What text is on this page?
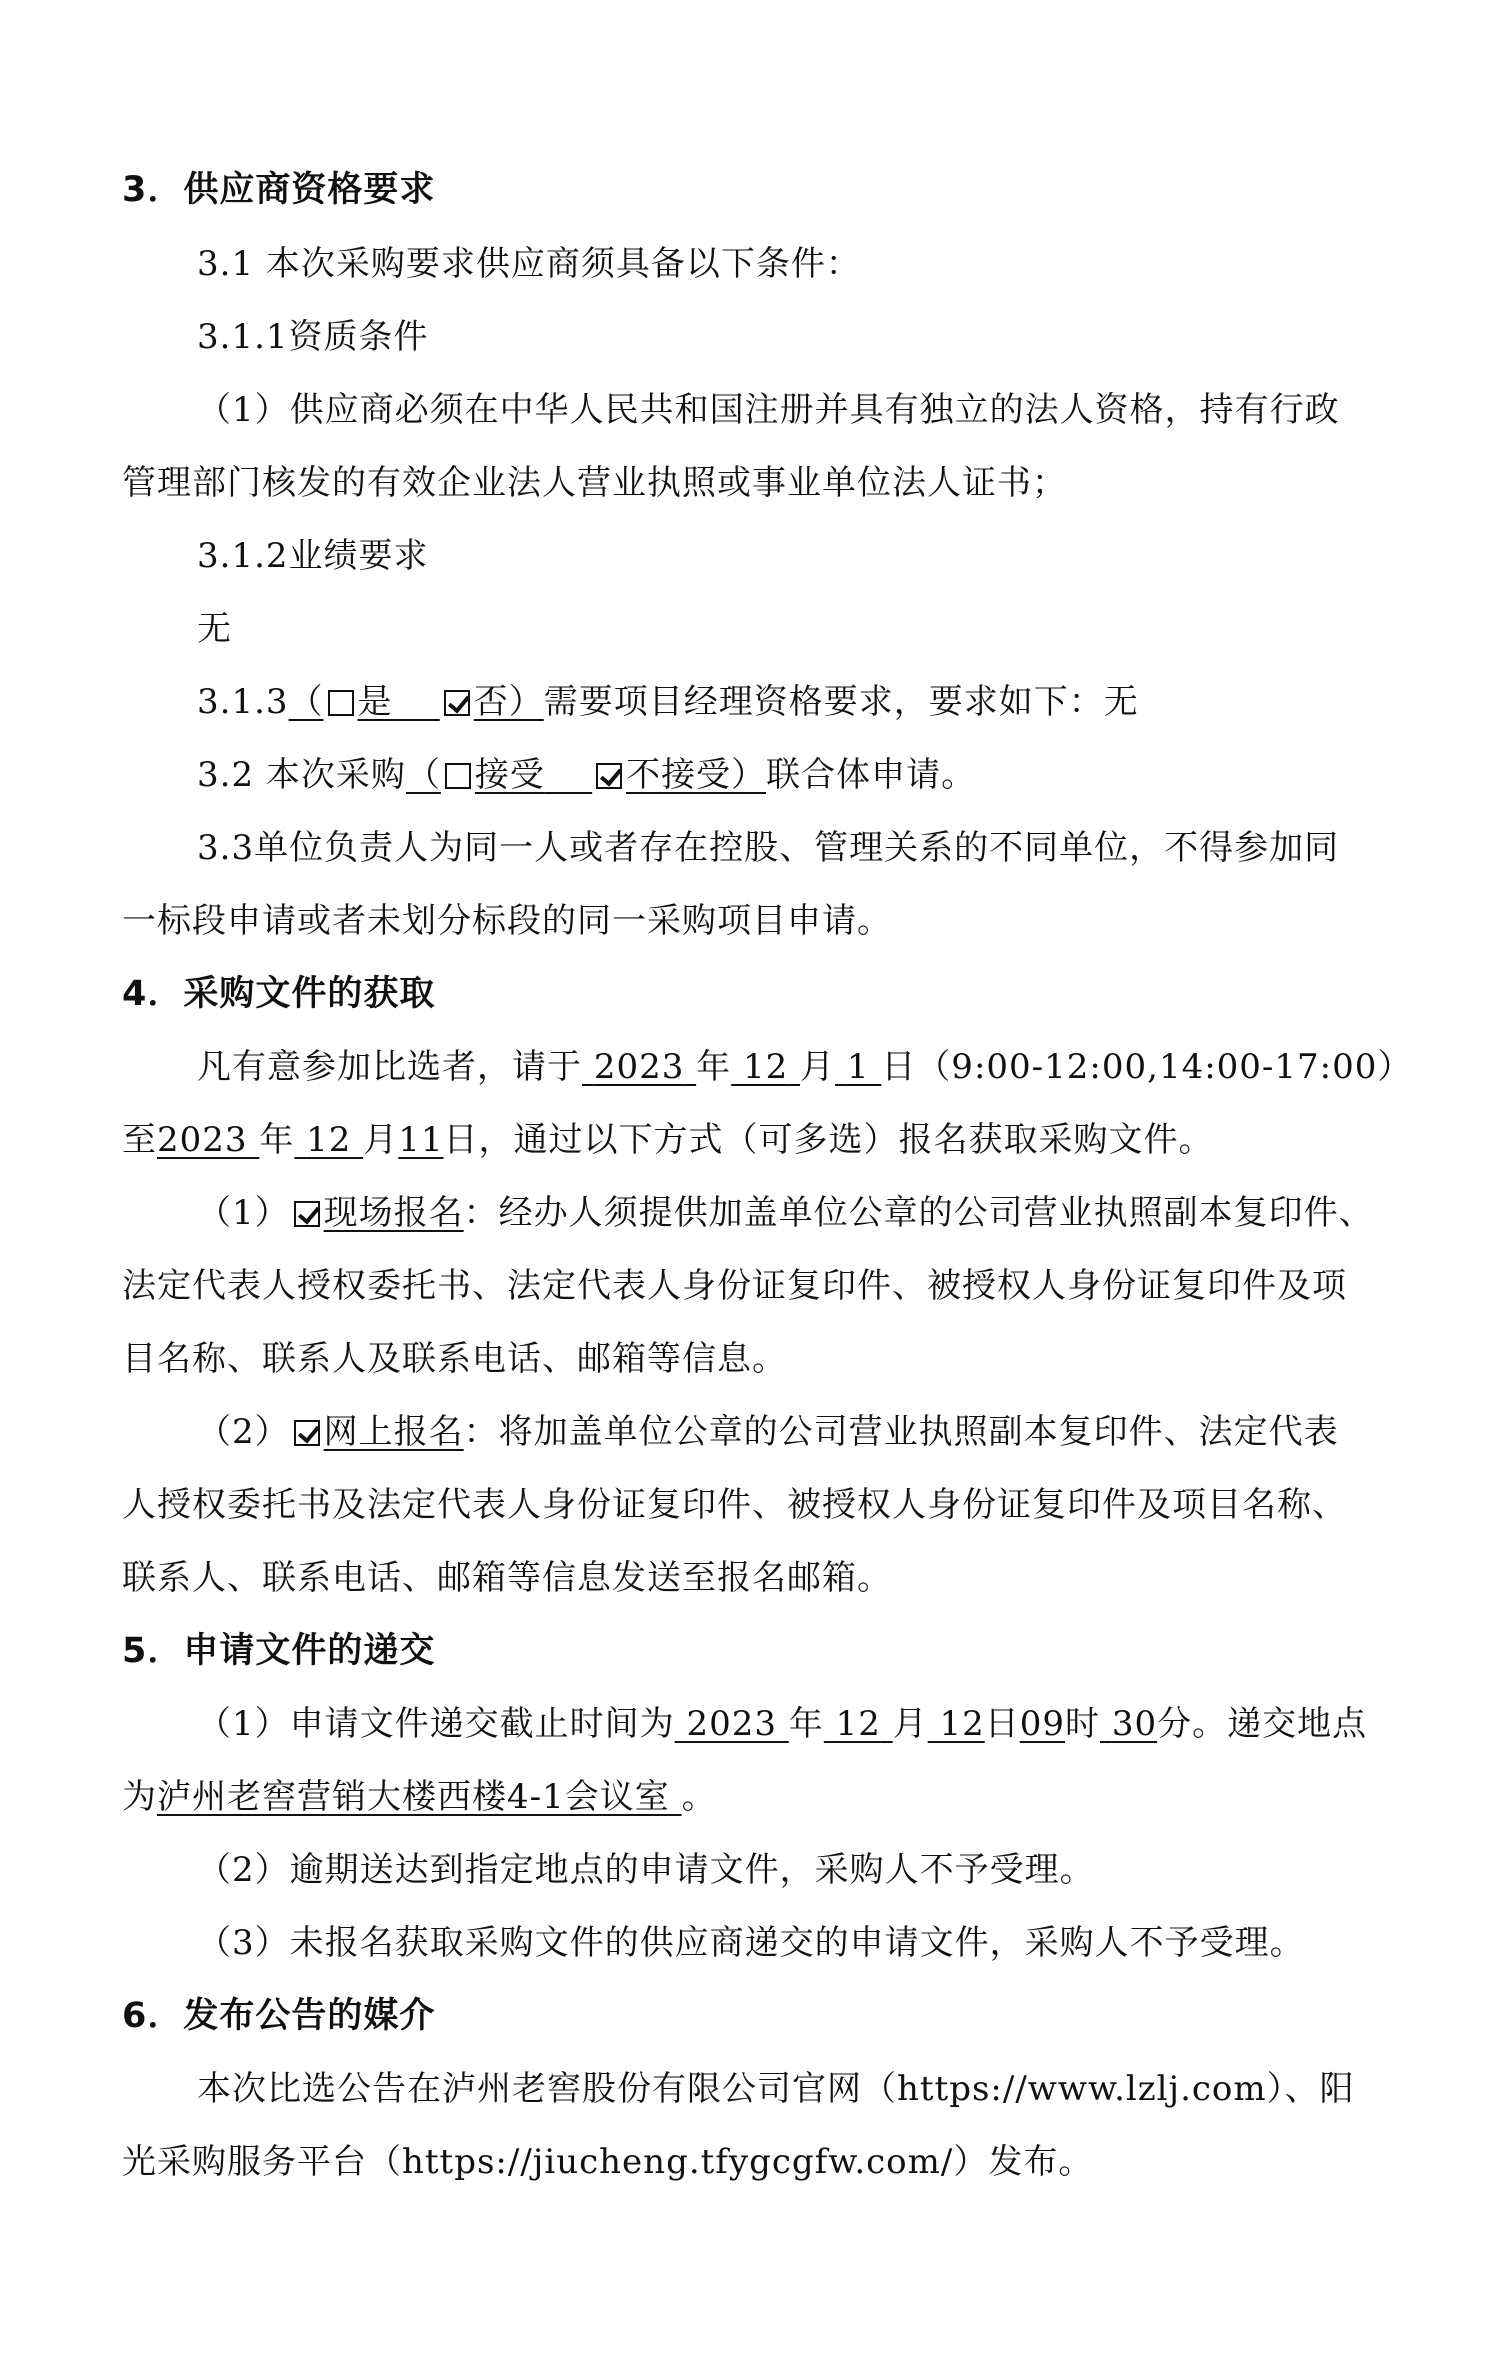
3．供应商资格要求
3.1 本次采购要求供应商须具备以下条件：
3.1.1资质条件
（1）供应商必须在中华人民共和国注册并具有独立的法人资格，持有行政
管理部门核发的有效企业法人营业执照或事业单位法人证书；
3.1.2业绩要求
无
3.1.3（ 是 否）需要项目经理资格要求，要求如下：无
3.2 本次采购（ 接受 不接受）联合体申请。
3.3单位负责人为同一人或者存在控股、管理关系的不同单位，不得参加同
一标段申请或者未划分标段的同一采购项目申请。
4．采购文件的获取
凡有意参加比选者，请于 2023 年 12 月 1 日（9:00-12:00,14:00-17:00）
至2023 年 12 月11日，通过以下方式（可多选）报名获取采购文件。
（1） 现场报名：经办人须提供加盖单位公章的公司营业执照副本复印件、
法定代表人授权委托书、法定代表人身份证复印件、被授权人身份证复印件及项
目名称、联系人及联系电话、邮箱等信息。
（2） 网上报名：将加盖单位公章的公司营业执照副本复印件、法定代表
人授权委托书及法定代表人身份证复印件、被授权人身份证复印件及项目名称、
联系人、联系电话、邮箱等信息发送至报名邮箱。
5．申请文件的递交
（1）申请文件递交截止时间为 2023 年 12 月 12日09时 30分。递交地点
为泸州老窖营销大楼西楼4-1会议室 。
（2）逾期送达到指定地点的申请文件，采购人不予受理。
（3）未报名获取采购文件的供应商递交的申请文件，采购人不予受理。
6．发布公告的媒介
本次比选公告在泸州老窖股份有限公司官网（https://www.lzlj.com）、阳
光采购服务平台（https://jiucheng.tfygcgfw.com/）发布。
